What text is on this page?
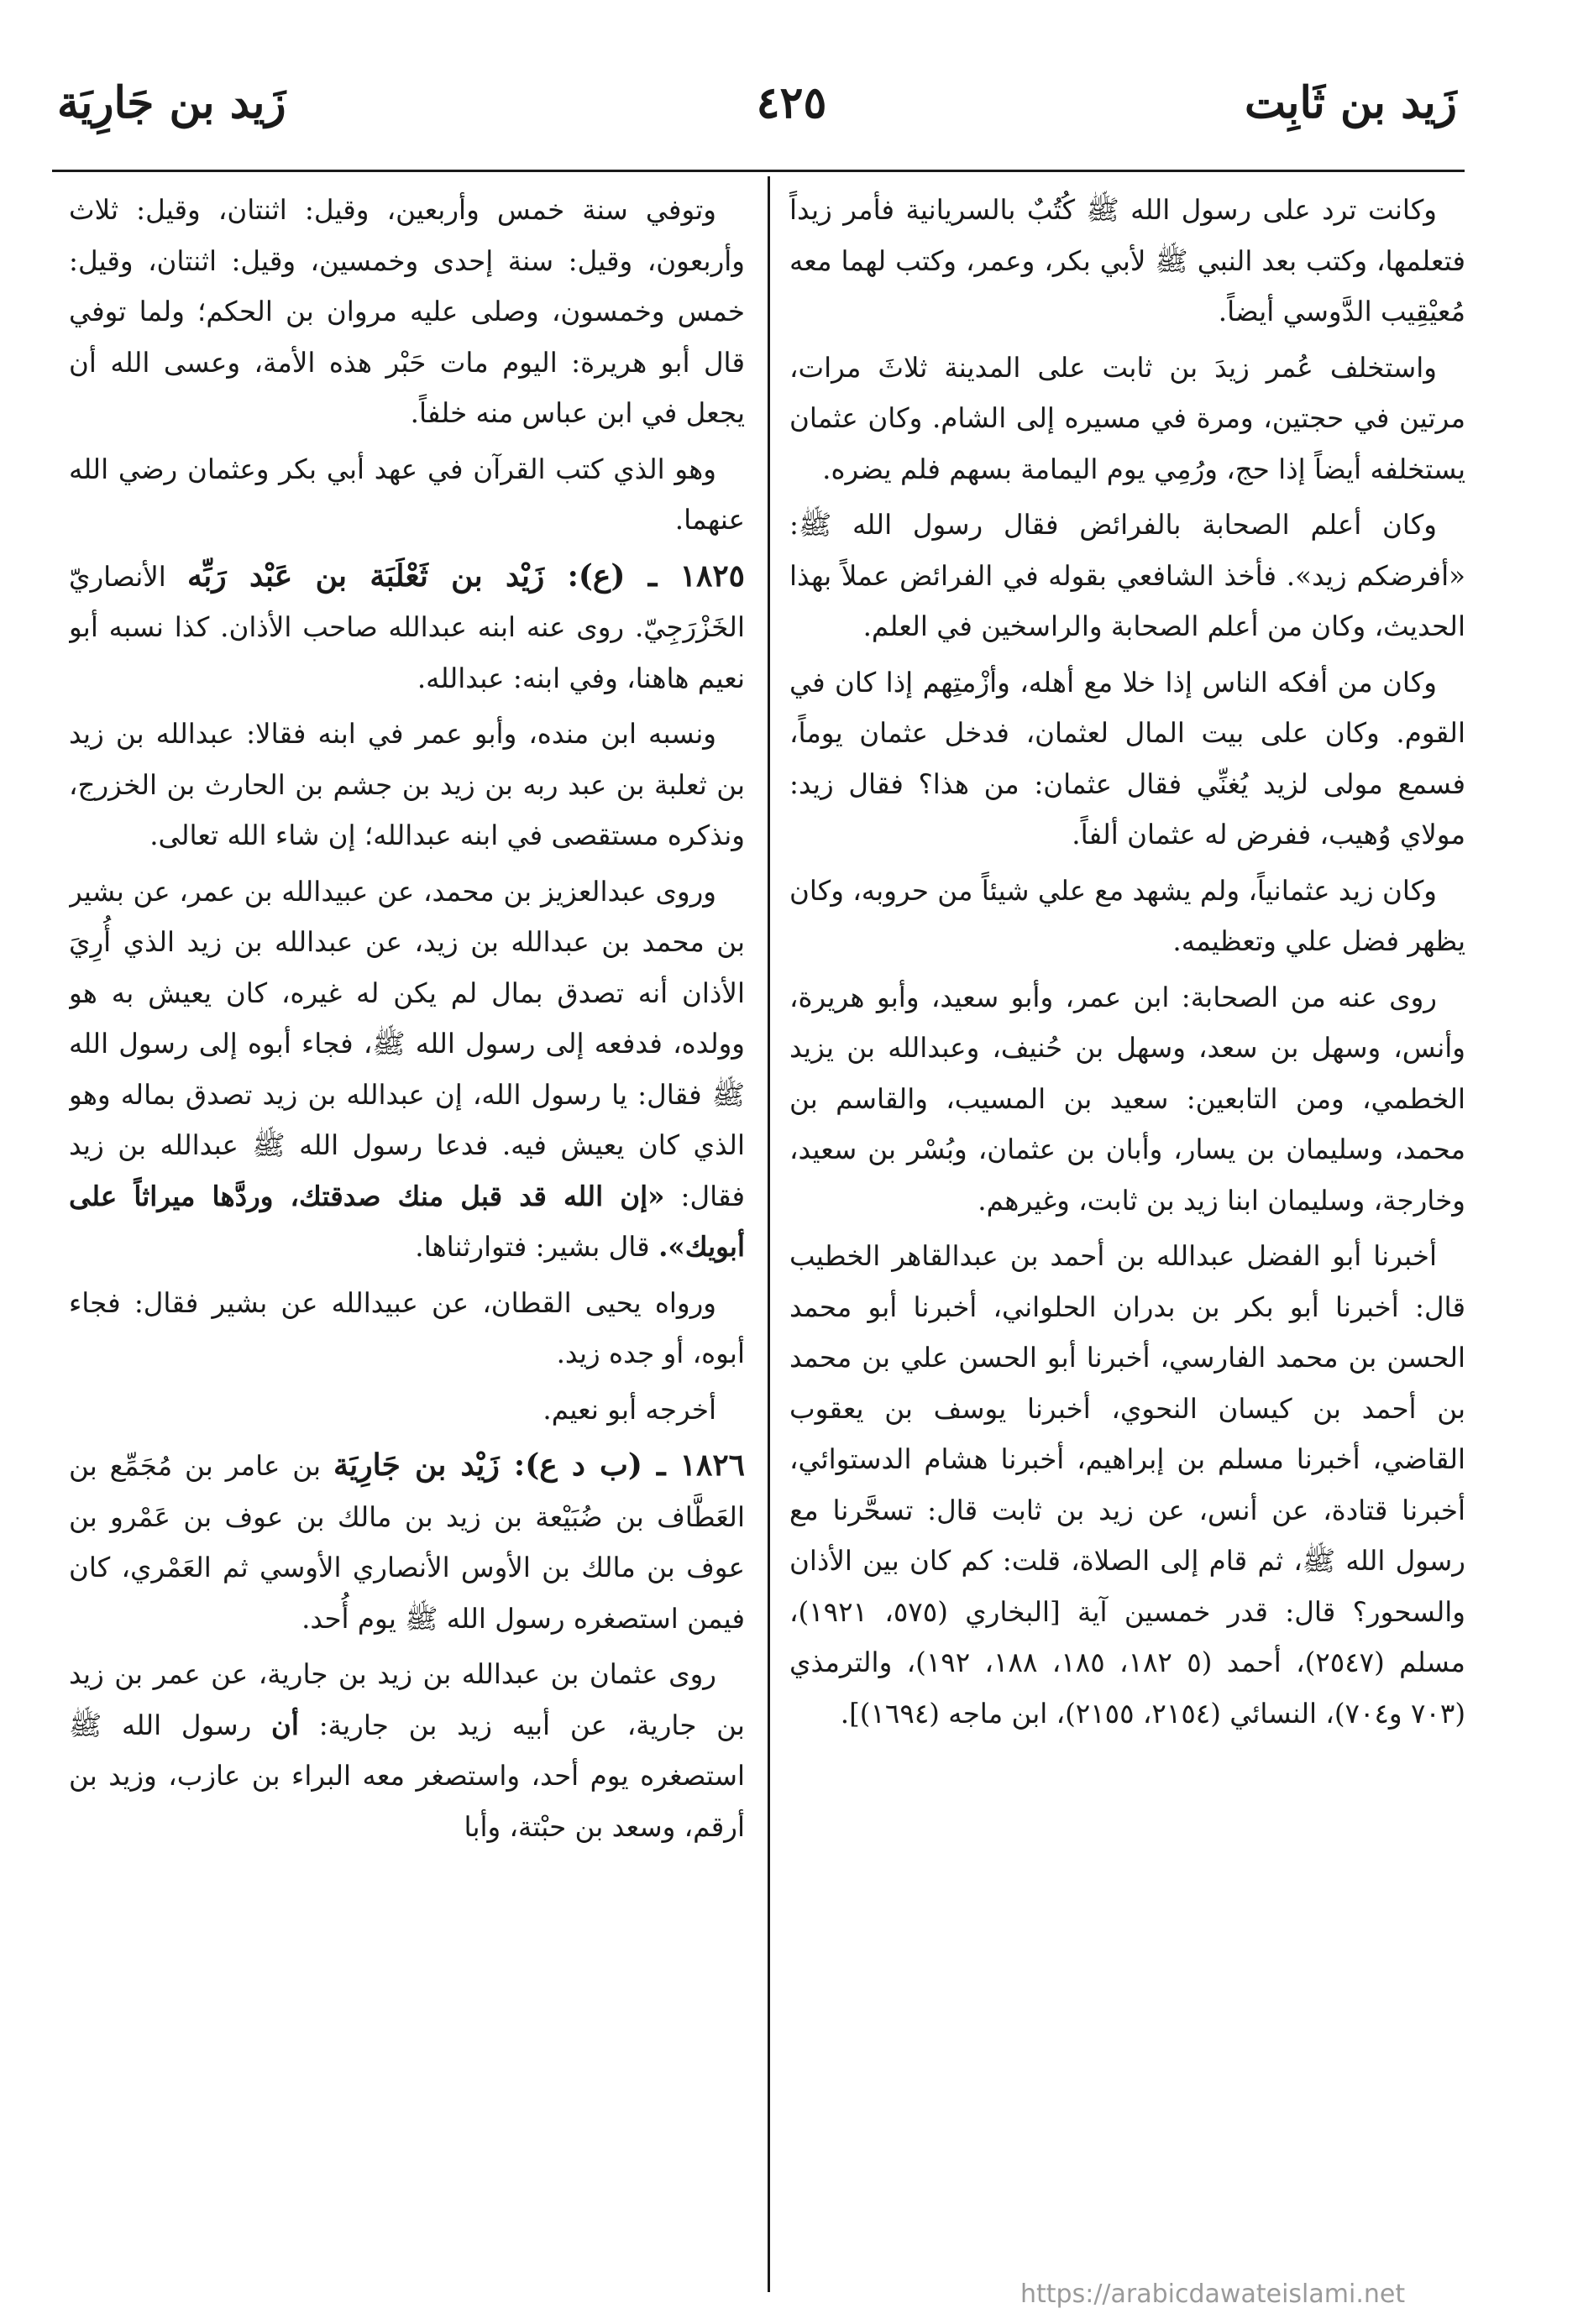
زَيد بن ثَابِت
٤٢٥
زَيد بن جَارِيَة

وكانت ترد على رسول الله ﷺ كُتُبٌ بالسريانية فأمر زيداً فتعلمها، وكتب بعد النبي ﷺ لأبي بكر، وعمر، وكتب لهما معه مُعيْقِيب الدَّوسي أيضاً.

واستخلف عُمر زيدَ بن ثابت على المدينة ثلاثَ مرات، مرتين في حجتين، ومرة في مسيره إلى الشام. وكان عثمان يستخلفه أيضاً إذا حج، ورُمِي يوم اليمامة بسهم فلم يضره.

وكان أعلم الصحابة بالفرائض فقال رسول الله ﷺ: «أفرضكم زيد». فأخذ الشافعي بقوله في الفرائض عملاً بهذا الحديث، وكان من أعلم الصحابة والراسخين في العلم.

وكان من أفكه الناس إذا خلا مع أهله، وأزْمتِهم إذا كان في القوم. وكان على بيت المال لعثمان، فدخل عثمان يوماً، فسمع مولى لزيد يُغنِّي فقال عثمان: من هذا؟ فقال زيد: مولاي وُهيب، ففرض له عثمان ألفاً.

وكان زيد عثمانياً، ولم يشهد مع علي شيئاً من حروبه، وكان يظهر فضل علي وتعظيمه.

روى عنه من الصحابة: ابن عمر، وأبو سعيد، وأبو هريرة، وأنس، وسهل بن سعد، وسهل بن حُنيف، وعبدالله بن يزيد الخطمي، ومن التابعين: سعيد بن المسيب، والقاسم بن محمد، وسليمان بن يسار، وأبان بن عثمان، وبُسْر بن سعيد، وخارجة، وسليمان ابنا زيد بن ثابت، وغيرهم.

أخبرنا أبو الفضل عبدالله بن أحمد بن عبدالقاهر الخطيب قال: أخبرنا أبو بكر بن بدران الحلواني، أخبرنا أبو محمد الحسن بن محمد الفارسي، أخبرنا أبو الحسن علي بن محمد بن أحمد بن كيسان النحوي، أخبرنا يوسف بن يعقوب القاضي، أخبرنا مسلم بن إبراهيم، أخبرنا هشام الدستوائي، أخبرنا قتادة، عن أنس، عن زيد بن ثابت قال: تسحَّرنا مع رسول الله ﷺ، ثم قام إلى الصلاة، قلت: كم كان بين الأذان والسحور؟ قال: قدر خمسين آية [البخاري (٥٧٥، ١٩٢١)، مسلم (٢٥٤٧)، أحمد (٥ ١٨٢، ١٨٥، ١٨٨، ١٩٢)، والترمذي (٧٠٣ و٧٠٤)، النسائي (٢١٥٤، ٢١٥٥)، ابن ماجه (١٦٩٤)].

وتوفي سنة خمس وأربعين، وقيل: اثنتان، وقيل: ثلاث وأربعون، وقيل: سنة إحدى وخمسين، وقيل: اثنتان، وقيل: خمس وخمسون، وصلى عليه مروان بن الحكم؛ ولما توفي قال أبو هريرة: اليوم مات حَبْر هذه الأمة، وعسى الله أن يجعل في ابن عباس منه خلفاً.

وهو الذي كتب القرآن في عهد أبي بكر وعثمان رضي الله عنهما.

١٨٢٥ ـ (ع): زَيْد بن ثَعْلَبَة بن عَبْد رَبِّه الأنصاريّ الخَزْرَجِيّ. روى عنه ابنه عبدالله صاحب الأذان. كذا نسبه أبو نعيم هاهنا، وفي ابنه: عبدالله.

ونسبه ابن منده، وأبو عمر في ابنه فقالا: عبدالله بن زيد بن ثعلبة بن عبد ربه بن زيد بن جشم بن الحارث بن الخزرج، ونذكره مستقصى في ابنه عبدالله؛ إن شاء الله تعالى.

وروى عبدالعزيز بن محمد، عن عبيدالله بن عمر، عن بشير بن محمد بن عبدالله بن زيد، عن عبدالله بن زيد الذي أُرِيَ الأذان أنه تصدق بمال لم يكن له غيره، كان يعيش به هو وولده، فدفعه إلى رسول الله ﷺ، فجاء أبوه إلى رسول الله ﷺ فقال: يا رسول الله، إن عبدالله بن زيد تصدق بماله وهو الذي كان يعيش فيه. فدعا رسول الله ﷺ عبدالله بن زيد فقال: «إن الله قد قبل منك صدقتك، وردَّها ميراثاً على أبويك». قال بشير: فتوارثناها.

ورواه يحيى القطان، عن عبيدالله عن بشير فقال: فجاء أبوه، أو جده زيد.

أخرجه أبو نعيم.

١٨٢٦ ـ (ب د ع): زَيْد بن جَارِيَة بن عامر بن مُجَمِّع بن العَطَّاف بن ضُبَيْعة بن زيد بن مالك بن عوف بن عَمْرو بن عوف بن مالك بن الأوس الأنصاري الأوسي ثم العَمْري، كان فيمن استصغره رسول الله ﷺ يوم أُحد.

روى عثمان بن عبدالله بن زيد بن جارية، عن عمر بن زيد بن جارية، عن أبيه زيد بن جارية: أن رسول الله ﷺ استصغره يوم أحد، واستصغر معه البراء بن عازب، وزيد بن أرقم، وسعد بن حبْتة، وأبا

https://arabicdawateislami.net
